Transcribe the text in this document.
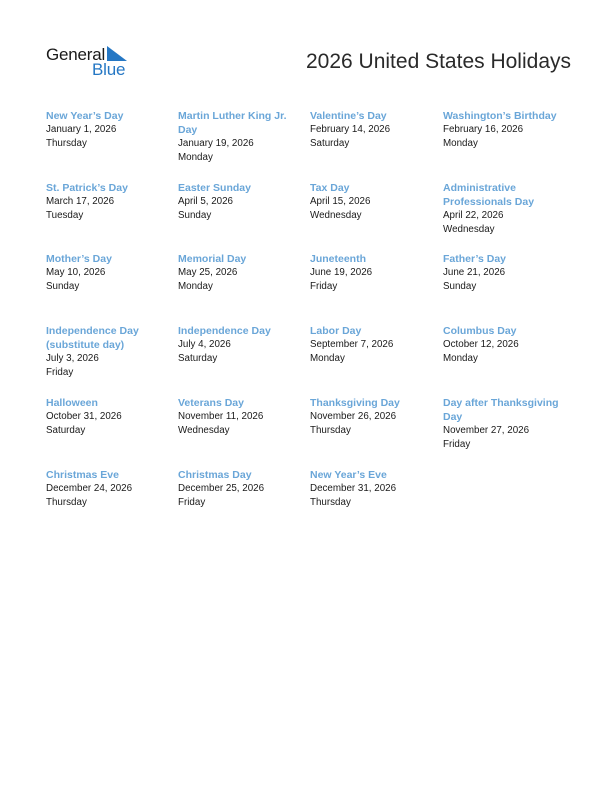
General
Blue	2026 United States Holidays
New Year’s Day
January 1, 2026
Thursday
Martin Luther King Jr. Day
January 19, 2026
Monday
Valentine’s Day
February 14, 2026
Saturday
Washington’s Birthday
February 16, 2026
Monday
St. Patrick’s Day
March 17, 2026
Tuesday
Easter Sunday
April 5, 2026
Sunday
Tax Day
April 15, 2026
Wednesday
Administrative Professionals Day
April 22, 2026
Wednesday
Mother’s Day
May 10, 2026
Sunday
Memorial Day
May 25, 2026
Monday
Juneteenth
June 19, 2026
Friday
Father’s Day
June 21, 2026
Sunday
Independence Day (substitute day)
July 3, 2026
Friday
Independence Day
July 4, 2026
Saturday
Labor Day
September 7, 2026
Monday
Columbus Day
October 12, 2026
Monday
Halloween
October 31, 2026
Saturday
Veterans Day
November 11, 2026
Wednesday
Thanksgiving Day
November 26, 2026
Thursday
Day after Thanksgiving Day
November 27, 2026
Friday
Christmas Eve
December 24, 2026
Thursday
Christmas Day
December 25, 2026
Friday
New Year’s Eve
December 31, 2026
Thursday
